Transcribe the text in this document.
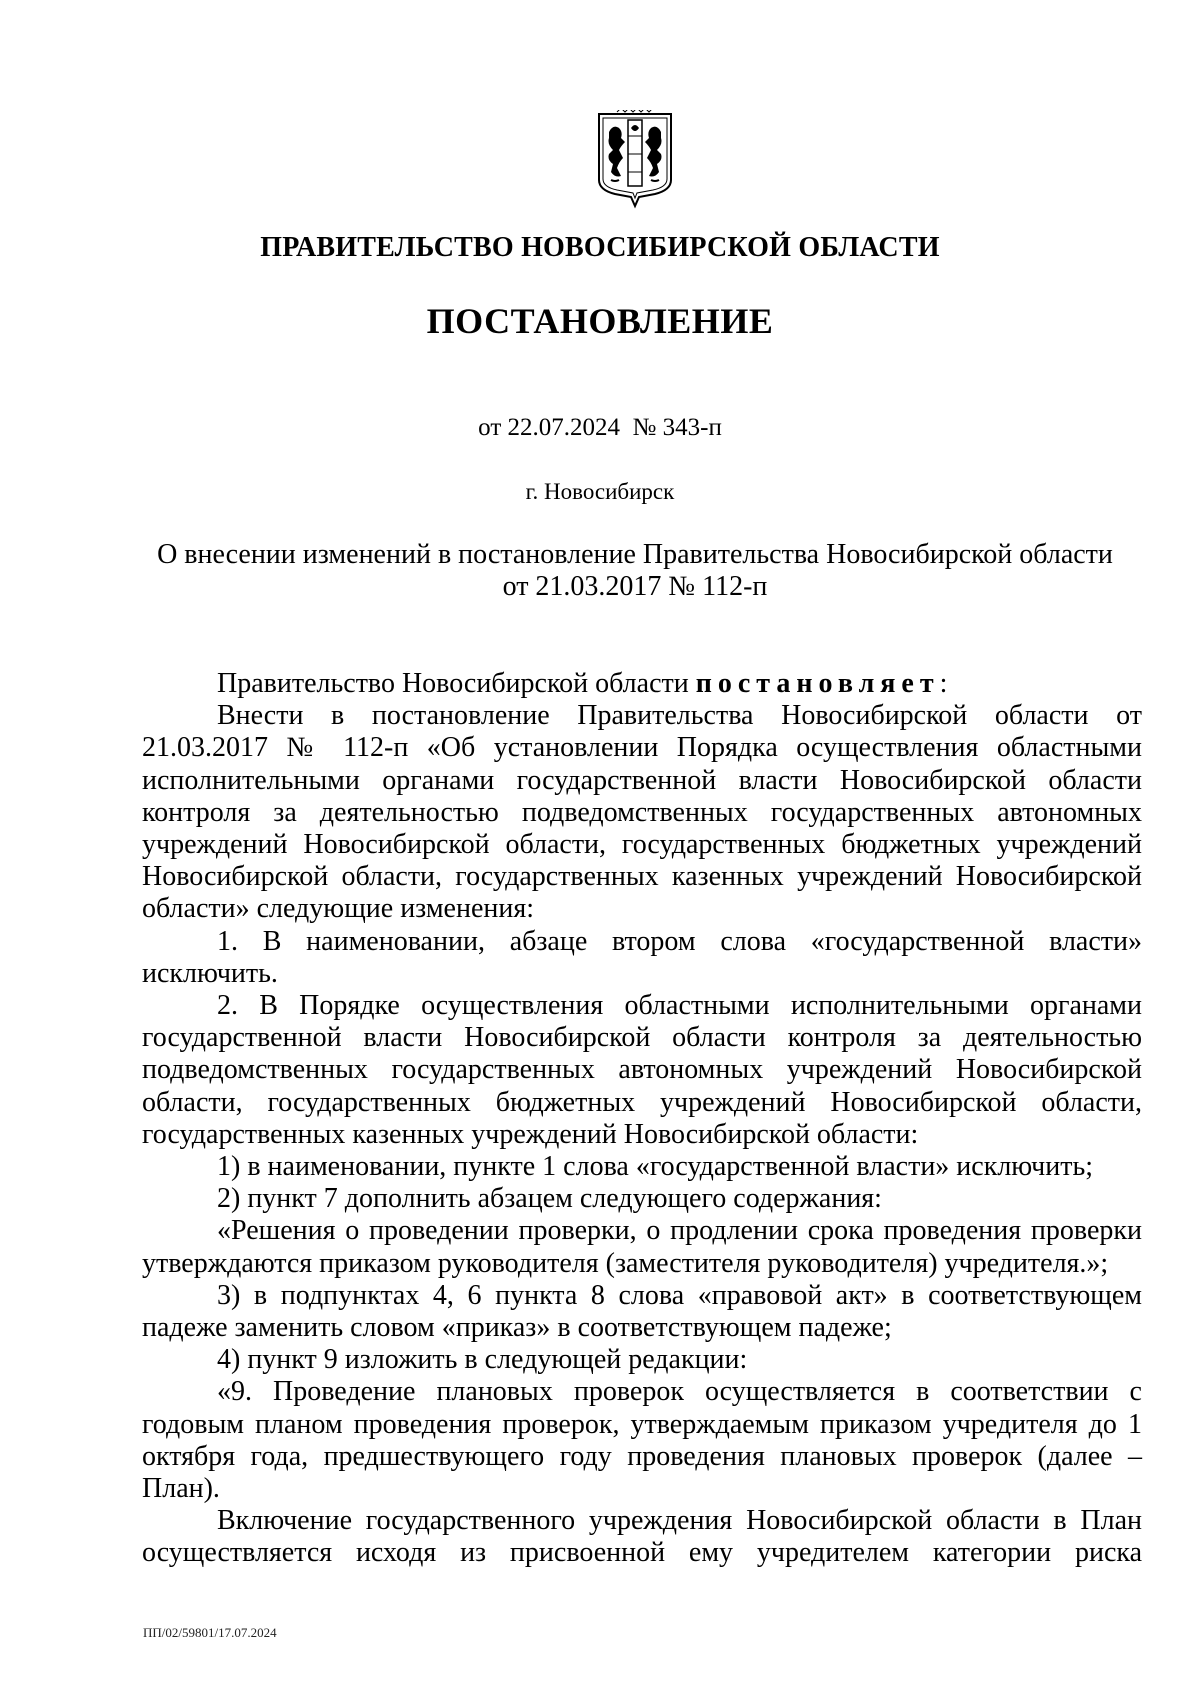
ПРАВИТЕЛЬСТВО НОВОСИБИРСКОЙ ОБЛАСТИ
ПОСТАНОВЛЕНИЕ
от 22.07.2024  № 343-п
г. Новосибирск
О внесении изменений в постановление Правительства Новосибирской области
от 21.03.2017 № 112-п

Правительство Новосибирской области постановляет:

Внести в постановление Правительства Новосибирской области от 21.03.2017 № 112-п «Об установлении Порядка осуществления областными исполнительными органами государственной власти Новосибирской области контроля за деятельностью подведомственных государственных автономных учреждений Новосибирской области, государственных бюджетных учреждений Новосибирской области, государственных казенных учреждений Новосибирской области» следующие изменения:

1. В наименовании, абзаце втором слова «государственной власти» исключить.

2. В Порядке осуществления областными исполнительными органами государственной власти Новосибирской области контроля за деятельностью подведомственных государственных автономных учреждений Новосибирской области, государственных бюджетных учреждений Новосибирской области, государственных казенных учреждений Новосибирской области:

1) в наименовании, пункте 1 слова «государственной власти» исключить;

2) пункт 7 дополнить абзацем следующего содержания:

«Решения о проведении проверки, о продлении срока проведения проверки утверждаются приказом руководителя (заместителя руководителя) учредителя.»;

3) в подпунктах 4, 6 пункта 8 слова «правовой акт» в соответствующем падеже заменить словом «приказ» в соответствующем падеже;

4) пункт 9 изложить в следующей редакции:

«9. Проведение плановых проверок осуществляется в соответствии с годовым планом проведения проверок, утверждаемым приказом учредителя до 1 октября года, предшествующего году проведения плановых проверок (далее – План).

Включение государственного учреждения Новосибирской области в План осуществляется исходя из присвоенной ему учредителем категории риска

ПП/02/59801/17.07.2024
